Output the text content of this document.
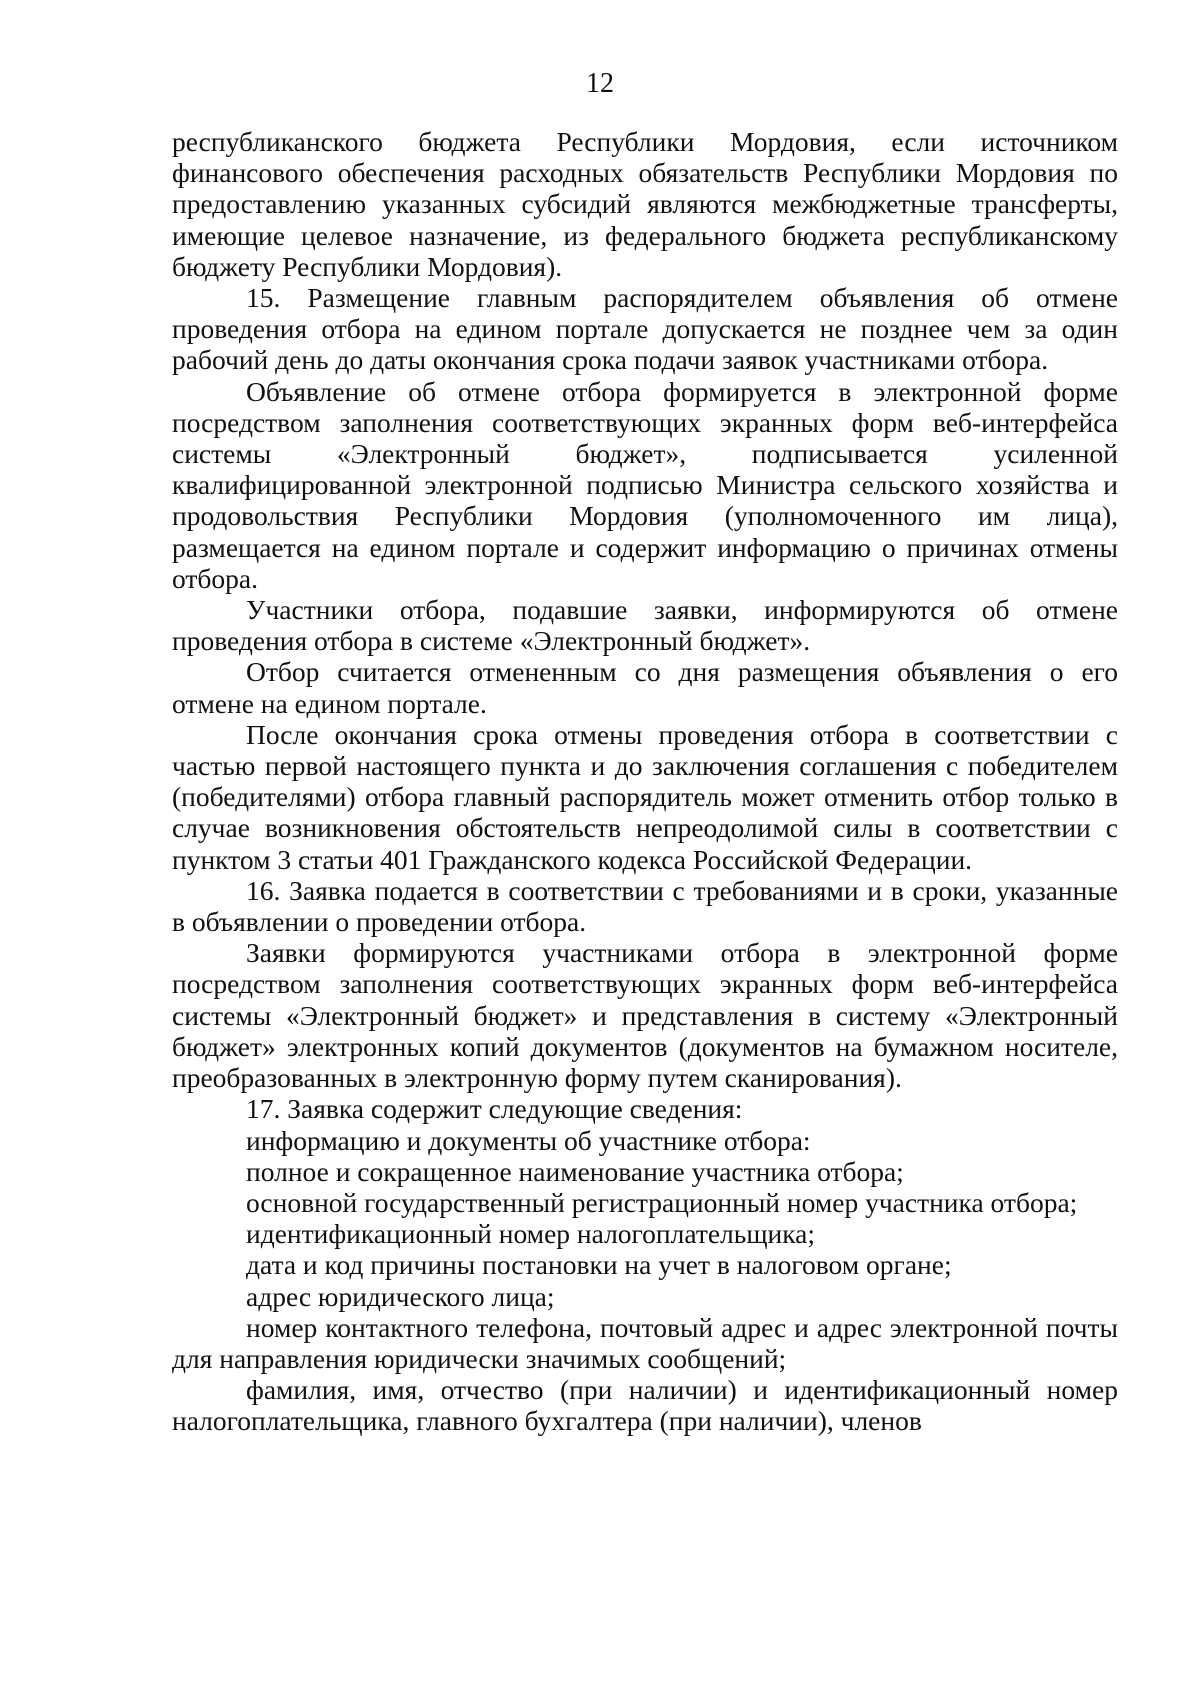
12

республиканского бюджета Республики Мордовия, если источником финансового обеспечения расходных обязательств Республики Мордовия по предоставлению указанных субсидий являются межбюджетные трансферты, имеющие целевое назначение, из федерального бюджета республиканскому бюджету Республики Мордовия).

15. Размещение главным распорядителем объявления об отмене проведения отбора на едином портале допускается не позднее чем за один рабочий день до даты окончания срока подачи заявок участниками отбора.

Объявление об отмене отбора формируется в электронной форме посредством заполнения соответствующих экранных форм веб-интерфейса системы «Электронный бюджет», подписывается усиленной квалифицированной электронной подписью Министра сельского хозяйства и продовольствия Республики Мордовия (уполномоченного им лица), размещается на едином портале и содержит информацию о причинах отмены отбора.

Участники отбора, подавшие заявки, информируются об отмене проведения отбора в системе «Электронный бюджет».

Отбор считается отмененным со дня размещения объявления о его отмене на едином портале.

После окончания срока отмены проведения отбора в соответствии с частью первой настоящего пункта и до заключения соглашения с победителем (победителями) отбора главный распорядитель может отменить отбор только в случае возникновения обстоятельств непреодолимой силы в соответствии с пунктом 3 статьи 401 Гражданского кодекса Российской Федерации.

16. Заявка подается в соответствии с требованиями и в сроки, указанные в объявлении о проведении отбора.

Заявки формируются участниками отбора в электронной форме посредством заполнения соответствующих экранных форм веб-интерфейса системы «Электронный бюджет» и представления в систему «Электронный бюджет» электронных копий документов (документов на бумажном носителе, преобразованных в электронную форму путем сканирования).

17. Заявка содержит следующие сведения:

информацию и документы об участнике отбора:

полное и сокращенное наименование участника отбора;

основной государственный регистрационный номер участника отбора;

идентификационный номер налогоплательщика;

дата и код причины постановки на учет в налоговом органе;

адрес юридического лица;

номер контактного телефона, почтовый адрес и адрес электронной почты для направления юридически значимых сообщений;

фамилия, имя, отчество (при наличии) и идентификационный номер налогоплательщика, главного бухгалтера (при наличии), членов
